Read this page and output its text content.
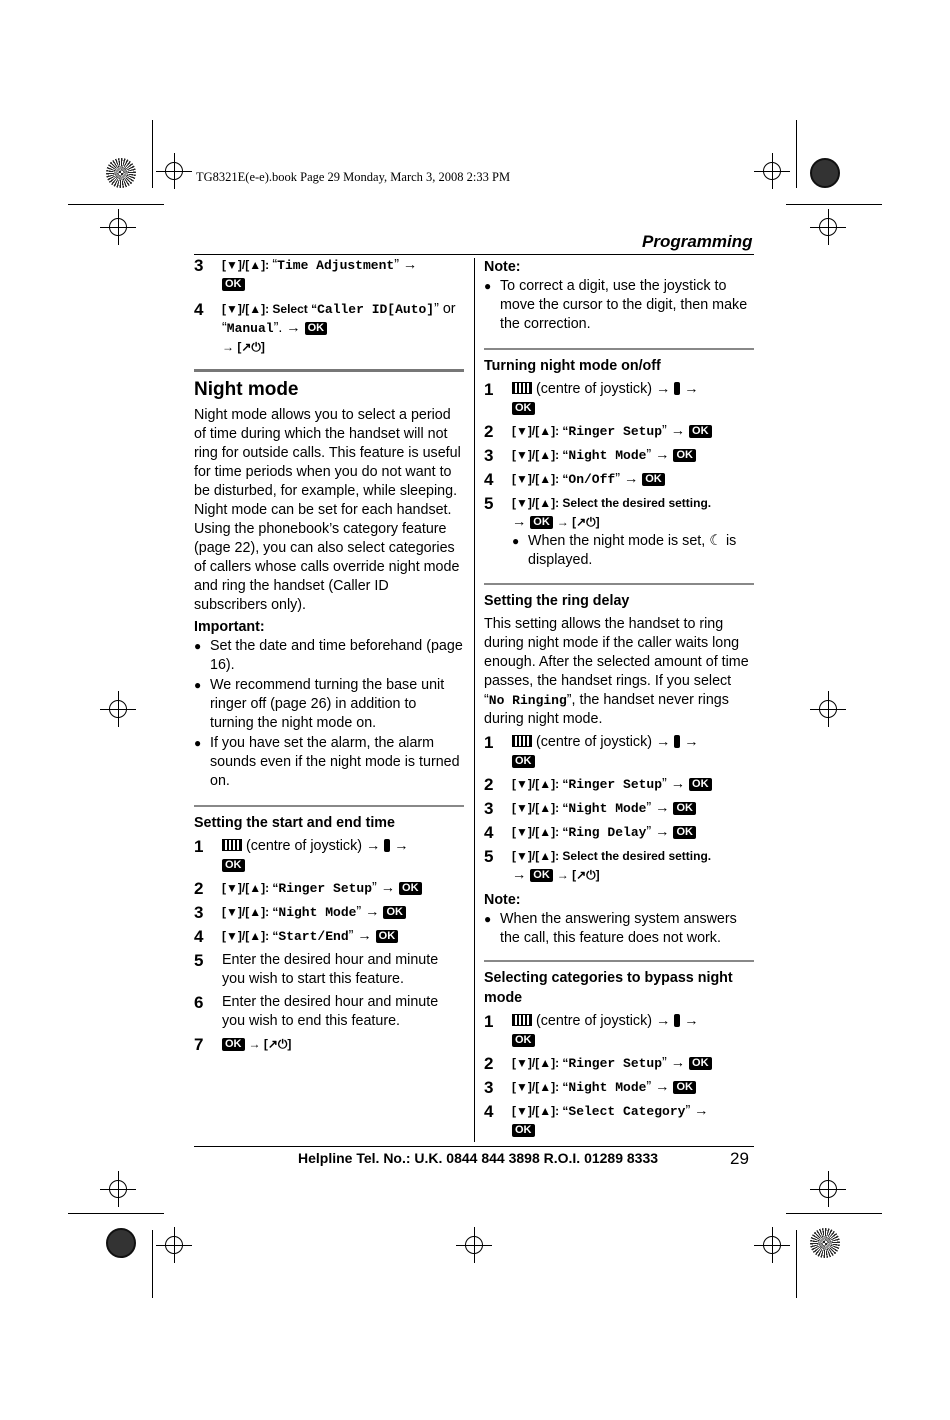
TG8321E(e-e).book Page 29 Monday, March 3, 2008 2:33 PM
Programming
3	[▼]/[▲]: “Time Adjustment” →
OK
4	[▼]/[▲]: Select “Caller ID[Auto]” or “Manual”. → OK
→ [↗⏻]
Night mode

Night mode allows you to select a period of time during which the handset will not ring for outside calls. This feature is useful for time periods when you do not want to be disturbed, for example, while sleeping. Night mode can be set for each handset.

Using the phonebook’s category feature (page 22), you can also select categories of callers whose calls override night mode and ring the handset (Caller ID subscribers only).

Important:
● Set the date and time beforehand (page 16).
● We recommend turning the base unit ringer off (page 26) in addition to turning the night mode on.
● If you have set the alarm, the alarm sounds even if the night mode is turned on.
Setting the start and end time
1	(centre of joystick) → →
OK
2	[▼]/[▲]: “Ringer Setup” → OK
3	[▼]/[▲]: “Night Mode” → OK
4	[▼]/[▲]: “Start/End” → OK
5	Enter the desired hour and minute you wish to start this feature.
6	Enter the desired hour and minute you wish to end this feature.
7	OK → [↗⏻]
Note:
● To correct a digit, use the joystick to move the cursor to the digit, then make the correction.
Turning night mode on/off
1	(centre of joystick) → →
OK
2	[▼]/[▲]: “Ringer Setup” → OK
3	[▼]/[▲]: “Night Mode” → OK
4	[▼]/[▲]: “On/Off” → OK
5	[▼]/[▲]: Select the desired setting.
→ OK → [↗⏻]
● When the night mode is set, ☾ is displayed.
Setting the ring delay

This setting allows the handset to ring during night mode if the caller waits long enough. After the selected amount of time passes, the handset rings. If you select “No Ringing”, the handset never rings during night mode.

1	(centre of joystick) → →
OK
2	[▼]/[▲]: “Ringer Setup” → OK
3	[▼]/[▲]: “Night Mode” → OK
4	[▼]/[▲]: “Ring Delay” → OK
5	[▼]/[▲]: Select the desired setting.
→ OK → [↗⏻]
Note:
● When the answering system answers the call, this feature does not work.
Selecting categories to bypass night mode
1	(centre of joystick) → →
OK
2	[▼]/[▲]: “Ringer Setup” → OK
3	[▼]/[▲]: “Night Mode” → OK
4	[▼]/[▲]: “Select Category” →
OK
Helpline Tel. No.: U.K. 0844 844 3898 R.O.I. 01289 8333	29
